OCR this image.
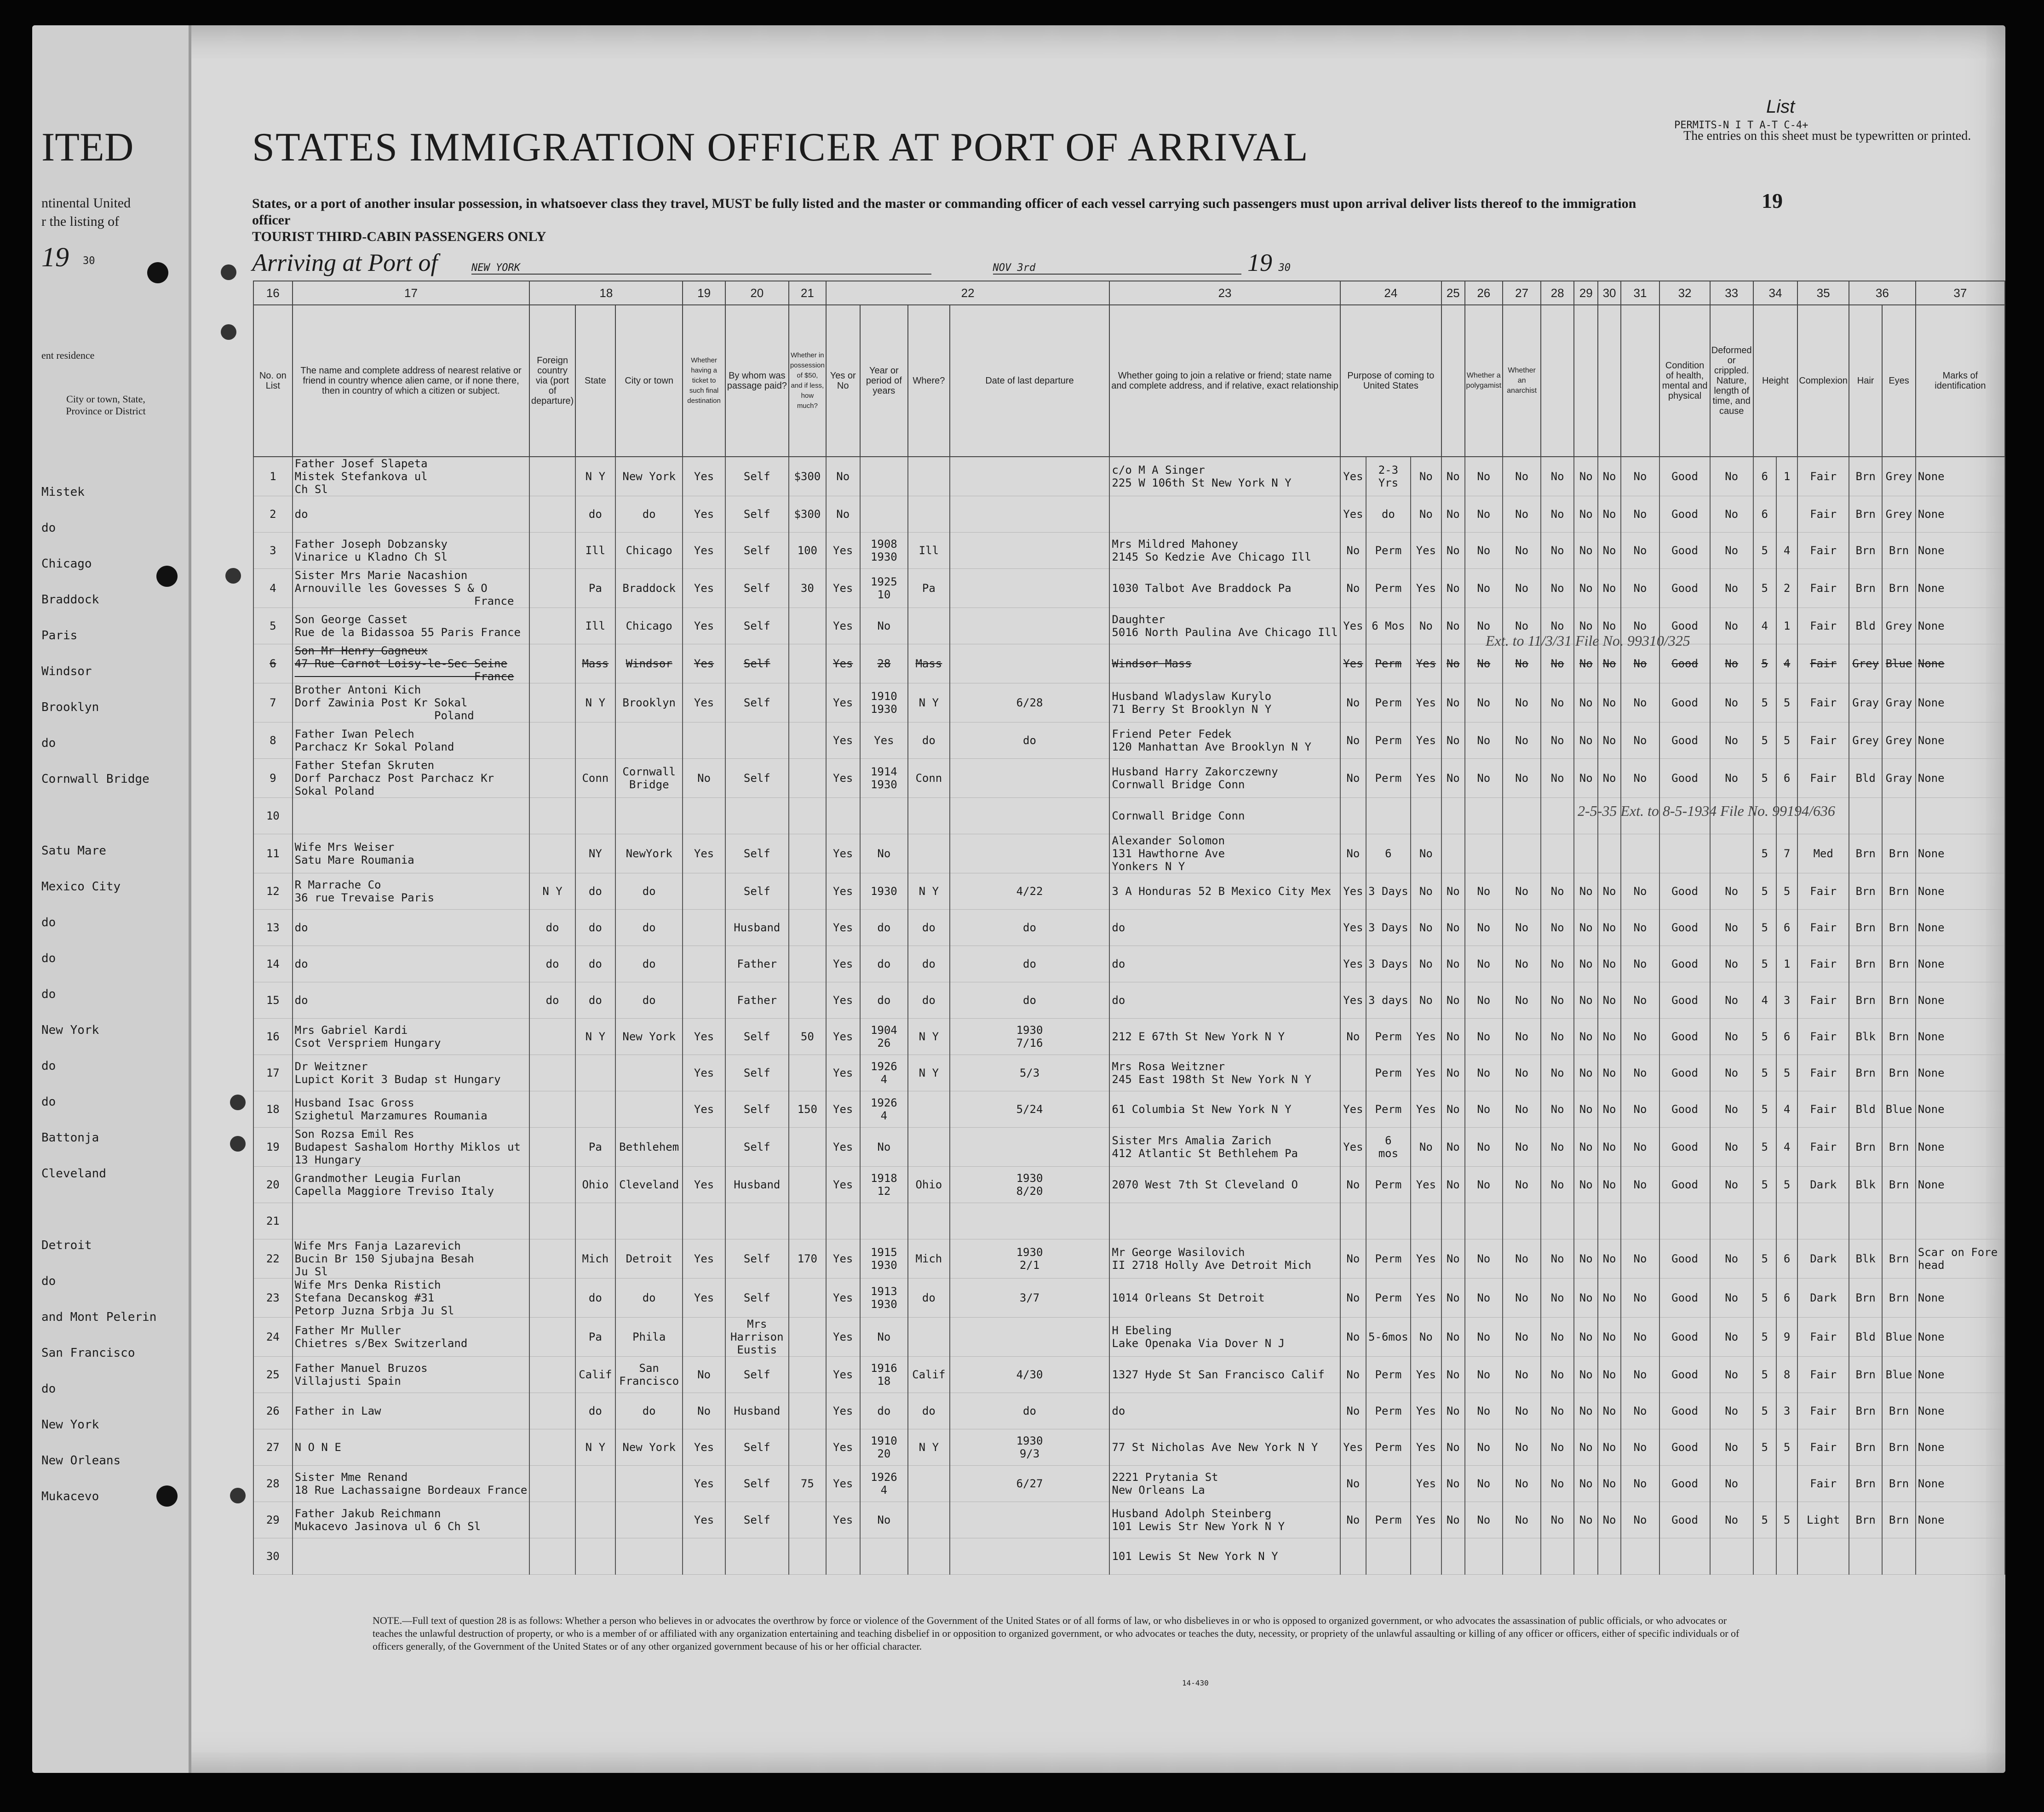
ITED
ntinental United
r the listing of
19 30
ent residence
City or town, State, Province or District
STATES IMMIGRATION OFFICER AT PORT OF ARRIVAL
States, or a port of another insular possession, in whatsoever class they travel, MUST be fully listed and the master or commanding officer of each vessel carrying such passengers must upon arrival deliver lists thereof to the immigration officer
TOURIST THIRD-CABIN PASSENGERS ONLY
Arriving at Port of	NEW YORK	NOV 3rd	19 30
List
PERMITS-N I T A-T C-4+
The entries on this sheet must be typewritten or printed.
19
Mistek
do
Chicago
Braddock
Paris
Windsor
Brooklyn
do
Cornwall Bridge
Satu Mare
Mexico City
do
do
do
New York
do
do
Battonja
Cleveland
Detroit
do
and Mont Pelerin
San Francisco
do
New York
New Orleans
Mukacevo
16	17	18			19	20	21	22				23	24			25	26	27	28	29	30	31	32	33	34		35	36		37
No. on List	The name and complete address of nearest relative or friend in country whence alien came, or if none there, then in country of which a citizen or subject.	Foreign country via (port of departure)	State	City or town	Whether having a ticket to such final destination	By whom was passage paid?	Whether in possession of $50, and if less, how much?	Yes or No	Year or period of years	Where?	Date of last departure	Whether going to join a relative or friend; state name and complete address, and if relative, exact relationship	Purpose of coming to United States				Whether a polygamist	Whether an anarchist					Condition of health, mental and physical	Deformed or crippled. Nature, length of time, and cause	Height		Complexion	Hair	Eyes	Marks of identification
1	Father Josef Slapeta
Mistek Stefankova ul
Ch Sl		N Y	New York	Yes	Self	$300	No				c/o M A Singer
225 W 106th St New York N Y	Yes	2-3
Yrs	No	No	No	No	No	No	No	No	Good	No	6	1	Fair	Brn	Grey	None
2	do		do	do	Yes	Self	$300	No					Yes	do	No	No	No	No	No	No	No	No	Good	No	6		Fair	Brn	Grey	None
3	Father Joseph Dobzansky
Vinarice u Kladno Ch Sl		Ill	Chicago	Yes	Self	100	Yes	1908
1930	Ill		Mrs Mildred Mahoney
2145 So Kedzie Ave Chicago Ill	No	Perm	Yes	No	No	No	No	No	No	No	Good	No	5	4	Fair	Brn	Brn	None
4	Sister Mrs Marie Nacashion
Arnouville les Govesses S & O
France		Pa	Braddock	Yes	Self	30	Yes	1925
10	Pa		1030 Talbot Ave Braddock Pa	No	Perm	Yes	No	No	No	No	No	No	No	Good	No	5	2	Fair	Brn	Brn	None
5	Son George Casset
Rue de la Bidassoa 55 Paris France		Ill	Chicago	Yes	Self		Yes	No			Daughter
5016 North Paulina Ave Chicago Ill	Yes	6 Mos	No	No	No	No	No	No	No	No	Good	No	4	1	Fair	Bld	Grey	None
6	Son Mr Henry Gagneux
47 Rue Carnot Loisy-le-Sec Seine
France		Mass	Windsor	Yes	Self		Yes	28	Mass		Windsor Mass	Yes	Perm	Yes	No	No	No	No	No	No	No	Good	No	5	4	Fair	Grey	Blue	None
7	Brother Antoni Kich
Dorf Zawinia Post Kr Sokal
Poland		N Y	Brooklyn	Yes	Self		Yes	1910
1930	N Y	6/28	Husband Wladyslaw Kurylo
71 Berry St Brooklyn N Y	No	Perm	Yes	No	No	No	No	No	No	No	Good	No	5	5	Fair	Gray	Gray	None
8	Father Iwan Pelech
Parchacz Kr Sokal Poland							Yes	Yes	do	do	Friend Peter Fedek
120 Manhattan Ave Brooklyn N Y	No	Perm	Yes	No	No	No	No	No	No	No	Good	No	5	5	Fair	Grey	Grey	None
9	Father Stefan Skruten
Dorf Parchacz Post Parchacz Kr
Sokal Poland		Conn	Cornwall
Bridge	No	Self		Yes	1914
1930	Conn		Husband Harry Zakorczewny
Cornwall Bridge Conn	No	Perm	Yes	No	No	No	No	No	No	No	Good	No	5	6	Fair	Bld	Gray	None
10												Cornwall Bridge Conn																		
11	Wife Mrs Weiser
Satu Mare Roumania		NY	NewYork	Yes	Self		Yes	No			Alexander Solomon
131 Hawthorne Ave
Yonkers N Y	No	6	No										5	7	Med	Brn	Brn	None
12	R Marrache Co
36 rue Trevaise Paris	N Y	do	do		Self		Yes	1930	N Y	4/22	3 A Honduras 52 B Mexico City Mex	Yes	3 Days	No	No	No	No	No	No	No	No	Good	No	5	5	Fair	Brn	Brn	None
13	do	do	do	do		Husband		Yes	do	do	do	do	Yes	3 Days	No	No	No	No	No	No	No	No	Good	No	5	6	Fair	Brn	Brn	None
14	do	do	do	do		Father		Yes	do	do	do	do	Yes	3 Days	No	No	No	No	No	No	No	No	Good	No	5	1	Fair	Brn	Brn	None
15	do	do	do	do		Father		Yes	do	do	do	do	Yes	3 days	No	No	No	No	No	No	No	No	Good	No	4	3	Fair	Brn	Brn	None
16	Mrs Gabriel Kardi
Csot Verspriem Hungary		N Y	New York	Yes	Self	50	Yes	1904
26	N Y	1930
7/16	212 E 67th St New York N Y	No	Perm	Yes	No	No	No	No	No	No	No	Good	No	5	6	Fair	Blk	Brn	None
17	Dr Weitzner
Lupict Korit 3 Budap st Hungary				Yes	Self		Yes	1926
4	N Y	5/3	Mrs Rosa Weitzner
245 East 198th St New York N Y		Perm	Yes	No	No	No	No	No	No	No	Good	No	5	5	Fair	Brn	Brn	None
18	Husband Isac Gross
Szighetul Marzamures Roumania				Yes	Self	150	Yes	1926
4		5/24	61 Columbia St New York N Y	Yes	Perm	Yes	No	No	No	No	No	No	No	Good	No	5	4	Fair	Bld	Blue	None
19	Son Rozsa Emil Res
Budapest Sashalom Horthy Miklos ut
13 Hungary		Pa	Bethlehem		Self		Yes	No			Sister Mrs Amalia Zarich
412 Atlantic St Bethlehem Pa	Yes	6
mos	No	No	No	No	No	No	No	No	Good	No	5	4	Fair	Brn	Brn	None
20	Grandmother Leugia Furlan
Capella Maggiore Treviso Italy		Ohio	Cleveland	Yes	Husband		Yes	1918
12	Ohio	1930
8/20	2070 West 7th St Cleveland O	No	Perm	Yes	No	No	No	No	No	No	No	Good	No	5	5	Dark	Blk	Brn	None
21																														
22	Wife Mrs Fanja Lazarevich
Bucin Br 150 Sjubajna Besah
Ju Sl		Mich	Detroit	Yes	Self	170	Yes	1915
1930	Mich	1930
2/1	Mr George Wasilovich
II 2718 Holly Ave Detroit Mich	No	Perm	Yes	No	No	No	No	No	No	No	Good	No	5	6	Dark	Blk	Brn	Scar on Fore
head
23	Wife Mrs Denka Ristich
Stefana Decanskog #31
Petorp Juzna Srbja Ju Sl		do	do	Yes	Self		Yes	1913
1930	do	3/7	1014 Orleans St Detroit	No	Perm	Yes	No	No	No	No	No	No	No	Good	No	5	6	Dark	Brn	Brn	None
24	Father Mr Muller
Chietres s/Bex Switzerland		Pa	Phila		Mrs
Harrison
Eustis		Yes	No			H Ebeling
Lake Openaka Via Dover N J	No	5-6mos	No	No	No	No	No	No	No	No	Good	No	5	9	Fair	Bld	Blue	None
25	Father Manuel Bruzos
Villajusti Spain		Calif	San
Francisco	No	Self		Yes	1916
18	Calif	4/30	1327 Hyde St San Francisco Calif	No	Perm	Yes	No	No	No	No	No	No	No	Good	No	5	8	Fair	Brn	Blue	None
26	Father in Law		do	do	No	Husband		Yes	do	do	do	do	No	Perm	Yes	No	No	No	No	No	No	No	Good	No	5	3	Fair	Brn	Brn	None
27	N O N E		N Y	New York	Yes	Self		Yes	1910
20	N Y	1930
9/3	77 St Nicholas Ave New York N Y	Yes	Perm	Yes	No	No	No	No	No	No	No	Good	No	5	5	Fair	Brn	Brn	None
28	Sister Mme Renand
18 Rue Lachassaigne Bordeaux France				Yes	Self	75	Yes	1926
4		6/27	2221 Prytania St
New Orleans La	No		Yes	No	No	No	No	No	No	No	Good	No			Fair	Brn	Brn	None
29	Father Jakub Reichmann
Mukacevo Jasinova ul 6 Ch Sl				Yes	Self		Yes	No			Husband Adolph Steinberg
101 Lewis Str New York N Y	No	Perm	Yes	No	No	No	No	No	No	No	Good	No	5	5	Light	Brn	Brn	None
30												101 Lewis St New York N Y																		
Ext. to 11/3/31 File No. 99310/325
2-5-35 Ext. to 8-5-1934 File No. 99194/636
NOTE.—Full text of question 28 is as follows: Whether a person who believes in or advocates the overthrow by force or violence of the Government of the United States or of all forms of law, or who disbelieves in or who is opposed to organized government, or who advocates the assassination of public officials, or who advocates or teaches the unlawful destruction of property, or who is a member of or affiliated with any organization entertaining and teaching disbelief in or opposition to organized government, or who advocates or teaches the duty, necessity, or propriety of the unlawful assaulting or killing of any officer or officers, either of specific individuals or of officers generally, of the Government of the United States or of any other organized government because of his or her official character.
14-430
